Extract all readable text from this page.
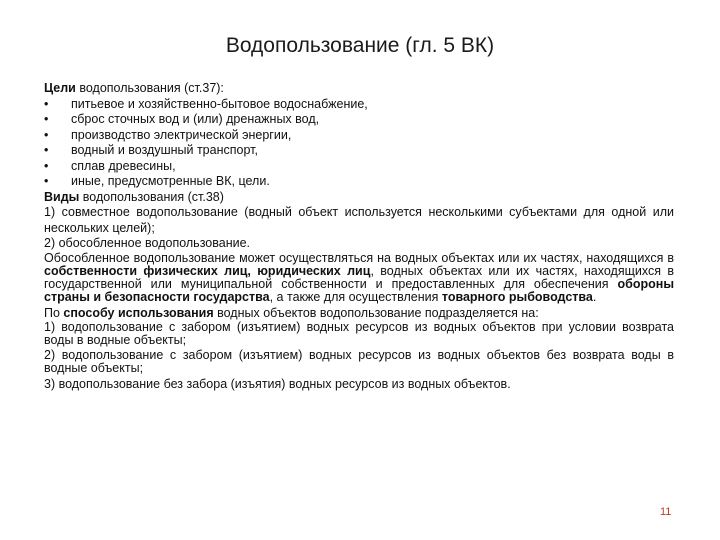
Водопользование (гл. 5 ВК)

Цели водопользования (ст.37):

•	питьевое и хозяйственно-бытовое водоснабжение,
•	сброс сточных вод и (или) дренажных вод,
•	производство электрической энергии,
•	водный и воздушный транспорт,
•	сплав древесины,
•	иные, предусмотренные ВК, цели.

Виды водопользования (ст.38)

1) совместное водопользование (водный объект используется несколькими субъектами для одной или нескольких целей);

2) обособленное водопользование.

Обособленное водопользование может осуществляться на водных объектах или их частях, находящихся в собственности физических лиц, юридических лиц, водных объектах или их частях, находящихся в государственной или муниципальной собственности и предоставленных для обеспечения обороны страны и безопасности государства, а также для осуществления товарного рыбоводства.

По способу использования водных объектов водопользование подразделяется на:

1) водопользование с забором (изъятием) водных ресурсов из водных объектов при условии возврата воды в водные объекты;

2) водопользование с забором (изъятием) водных ресурсов из водных объектов без возврата воды в водные объекты;

3) водопользование без забора (изъятия) водных ресурсов из водных объектов.

11
